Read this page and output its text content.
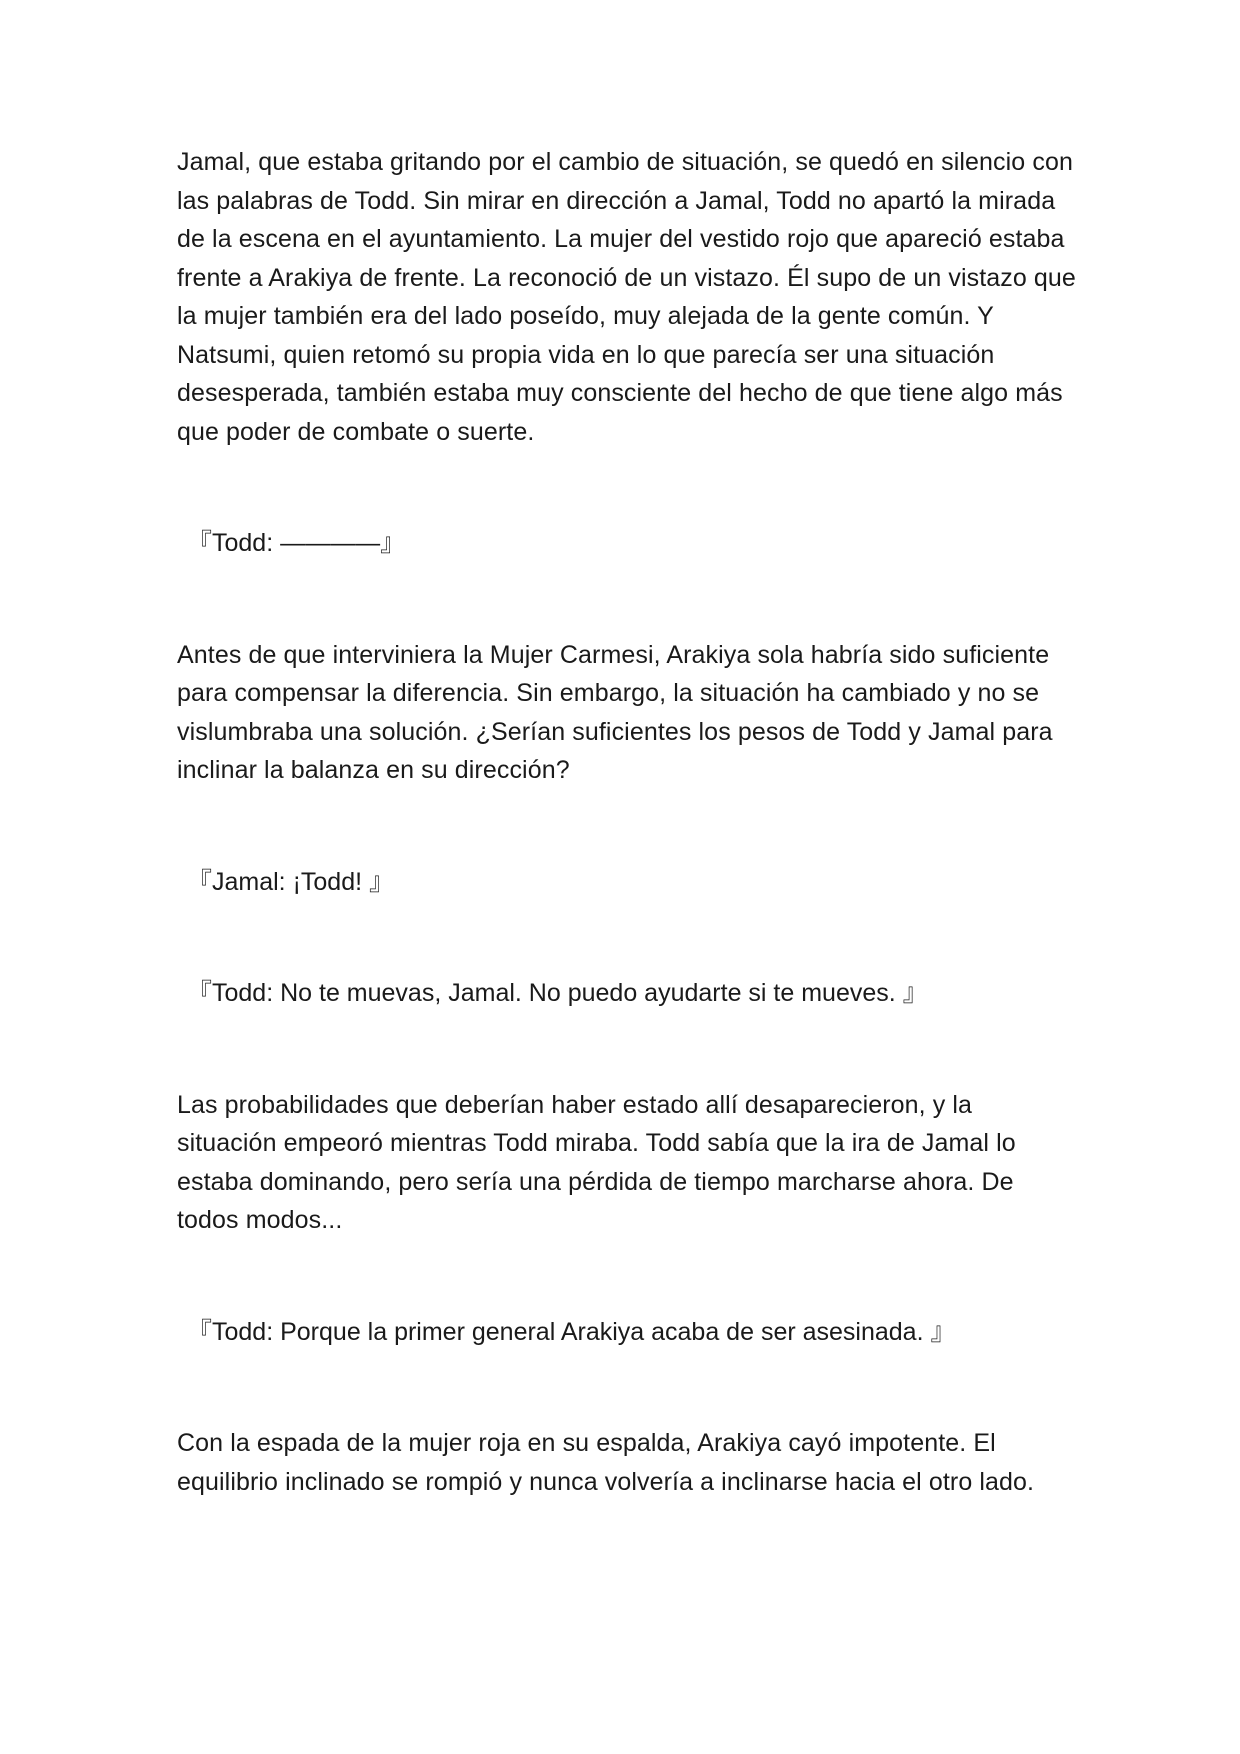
Jamal, que estaba gritando por el cambio de situación, se quedó en silencio con las palabras de Todd. Sin mirar en dirección a Jamal, Todd no apartó la mirada de la escena en el ayuntamiento. La mujer del vestido rojo que apareció estaba frente a Arakiya de frente. La reconoció de un vistazo. Él supo de un vistazo que la mujer también era del lado poseído, muy alejada de la gente común. Y Natsumi, quien retomó su propia vida en lo que parecía ser una situación desesperada, también estaba muy consciente del hecho de que tiene algo más que poder de combate o suerte.

『Todd: ————』

Antes de que interviniera la Mujer Carmesi, Arakiya sola habría sido suficiente para compensar la diferencia. Sin embargo, la situación ha cambiado y no se vislumbraba una solución. ¿Serían suficientes los pesos de Todd y Jamal para inclinar la balanza en su dirección?

『Jamal: ¡Todd! 』

『Todd: No te muevas, Jamal. No puedo ayudarte si te mueves. 』

Las probabilidades que deberían haber estado allí desaparecieron, y la situación empeoró mientras Todd miraba. Todd sabía que la ira de Jamal lo estaba dominando, pero sería una pérdida de tiempo marcharse ahora. De todos modos...

『Todd: Porque la primer general Arakiya acaba de ser asesinada. 』

Con la espada de la mujer roja en su espalda, Arakiya cayó impotente. El equilibrio inclinado se rompió y nunca volvería a inclinarse hacia el otro lado.
